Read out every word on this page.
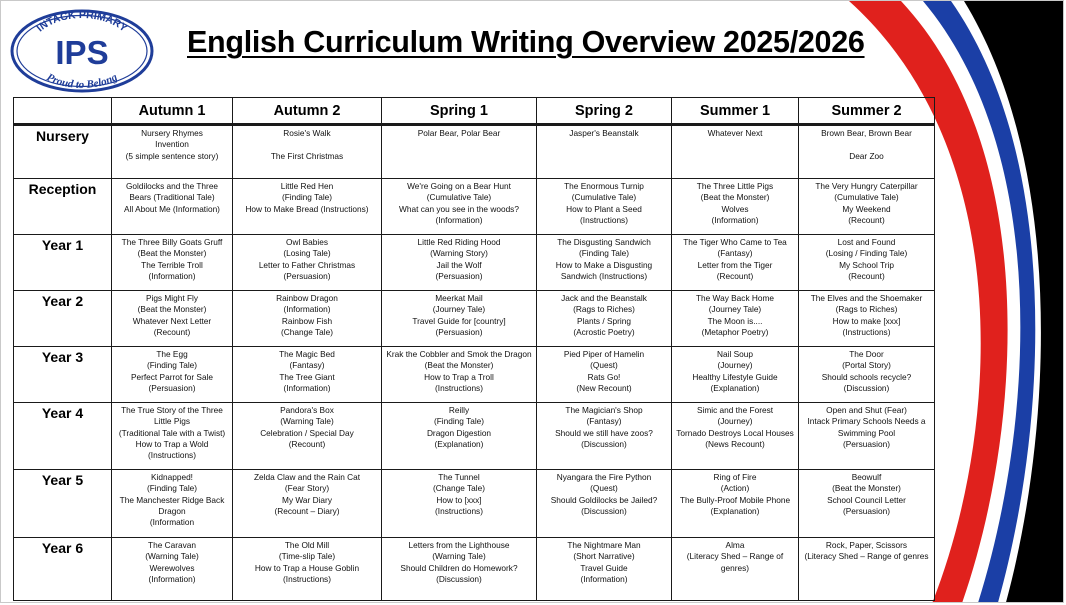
INTACK PRIMARY
IPS
Proud to Belong
English Curriculum Writing Overview 2025/2026
	Autumn 1	Autumn 2	Spring 1	Spring 2	Summer 1	Summer 2
Nursery	Nursery Rhymes
Invention
(5 simple sentence story)	Rosie's Walk

The First Christmas	Polar Bear, Polar Bear	Jasper's Beanstalk	Whatever Next	Brown Bear, Brown Bear

Dear Zoo

Reception	Goldilocks and the Three
Bears (Traditional Tale)
All About Me (Information)	Little Red Hen
(Finding Tale)
How to Make Bread (Instructions)	We're Going on a Bear Hunt
(Cumulative Tale)
What can you see in the woods?
(Information)	The Enormous Turnip
(Cumulative Tale)
How to Plant a Seed
(Instructions)	The Three Little Pigs
(Beat the Monster)
Wolves
(Information)	The Very Hungry Caterpillar
(Cumulative Tale)
My Weekend
(Recount)

Year 1	The Three Billy Goats Gruff
(Beat the Monster)
The Terrible Troll
(Information)	Owl Babies
(Losing Tale)
Letter to Father Christmas
(Persuasion)	Little Red Riding Hood
(Warning Story)
Jail the Wolf
(Persuasion)	The Disgusting Sandwich
(Finding Tale)
How to Make a Disgusting
Sandwich (Instructions)	The Tiger Who Came to Tea
(Fantasy)
Letter from the Tiger
(Recount)	Lost and Found
(Losing / Finding Tale)
My School Trip
(Recount)

Year 2	Pigs Might Fly
(Beat the Monster)
Whatever Next Letter
(Recount)	Rainbow Dragon
(Information)
Rainbow Fish
(Change Tale)	Meerkat Mail
(Journey Tale)
Travel Guide for [country]
(Persuasion)	Jack and the Beanstalk
(Rags to Riches)
Plants / Spring
(Acrostic Poetry)	The Way Back Home
(Journey Tale)
The Moon is....
(Metaphor Poetry)	The Elves and the Shoemaker
(Rags to Riches)
How to make [xxx]
(Instructions)

Year 3	The Egg
(Finding Tale)
Perfect Parrot for Sale
(Persuasion)	The Magic Bed
(Fantasy)
The Tree Giant
(Information)	Krak the Cobbler and Smok the Dragon
(Beat the Monster)
How to Trap a Troll
(Instructions)	Pied Piper of Hamelin
(Quest)
Rats Go!
(New Recount)	Nail Soup
(Journey)
Healthy Lifestyle Guide
(Explanation)	The Door
(Portal Story)
Should schools recycle?
(Discussion)

Year 4	The True Story of the Three
Little Pigs
(Traditional Tale with a Twist)
How to Trap a Wold
(Instructions)	Pandora's Box
(Warning Tale)
Celebration / Special Day
(Recount)	Reilly
(Finding Tale)
Dragon Digestion
(Explanation)	The Magician's Shop
(Fantasy)
Should we still have zoos?
(Discussion)	Simic and the Forest
(Journey)
Tornado Destroys Local Houses
(News Recount)	Open and Shut (Fear)
Intack Primary Schools Needs a
Swimming Pool
(Persuasion)

Year 5	Kidnapped!
(Finding Tale)
The Manchester Ridge Back
Dragon
(Information	Zelda Claw and the Rain Cat
(Fear Story)
My War Diary
(Recount – Diary)	The Tunnel
(Change Tale)
How to [xxx]
(Instructions)	Nyangara the Fire Python
(Quest)
Should Goldilocks be Jailed?
(Discussion)	Ring of Fire
(Action)
The Bully-Proof Mobile Phone
(Explanation)	Beowulf
(Beat the Monster)
School Council Letter
(Persuasion)

Year 6	The Caravan
(Warning Tale)
Werewolves
(Information)	The Old Mill
(Time-slip Tale)
How to Trap a House Goblin
(Instructions)	Letters from the Lighthouse
(Warning Tale)
Should Children do Homework?
(Discussion)	The Nightmare Man
(Short Narrative)
Travel Guide
(Information)	Alma
(Literacy Shed – Range of
genres)	Rock, Paper, Scissors
(Literacy Shed – Range of genres
